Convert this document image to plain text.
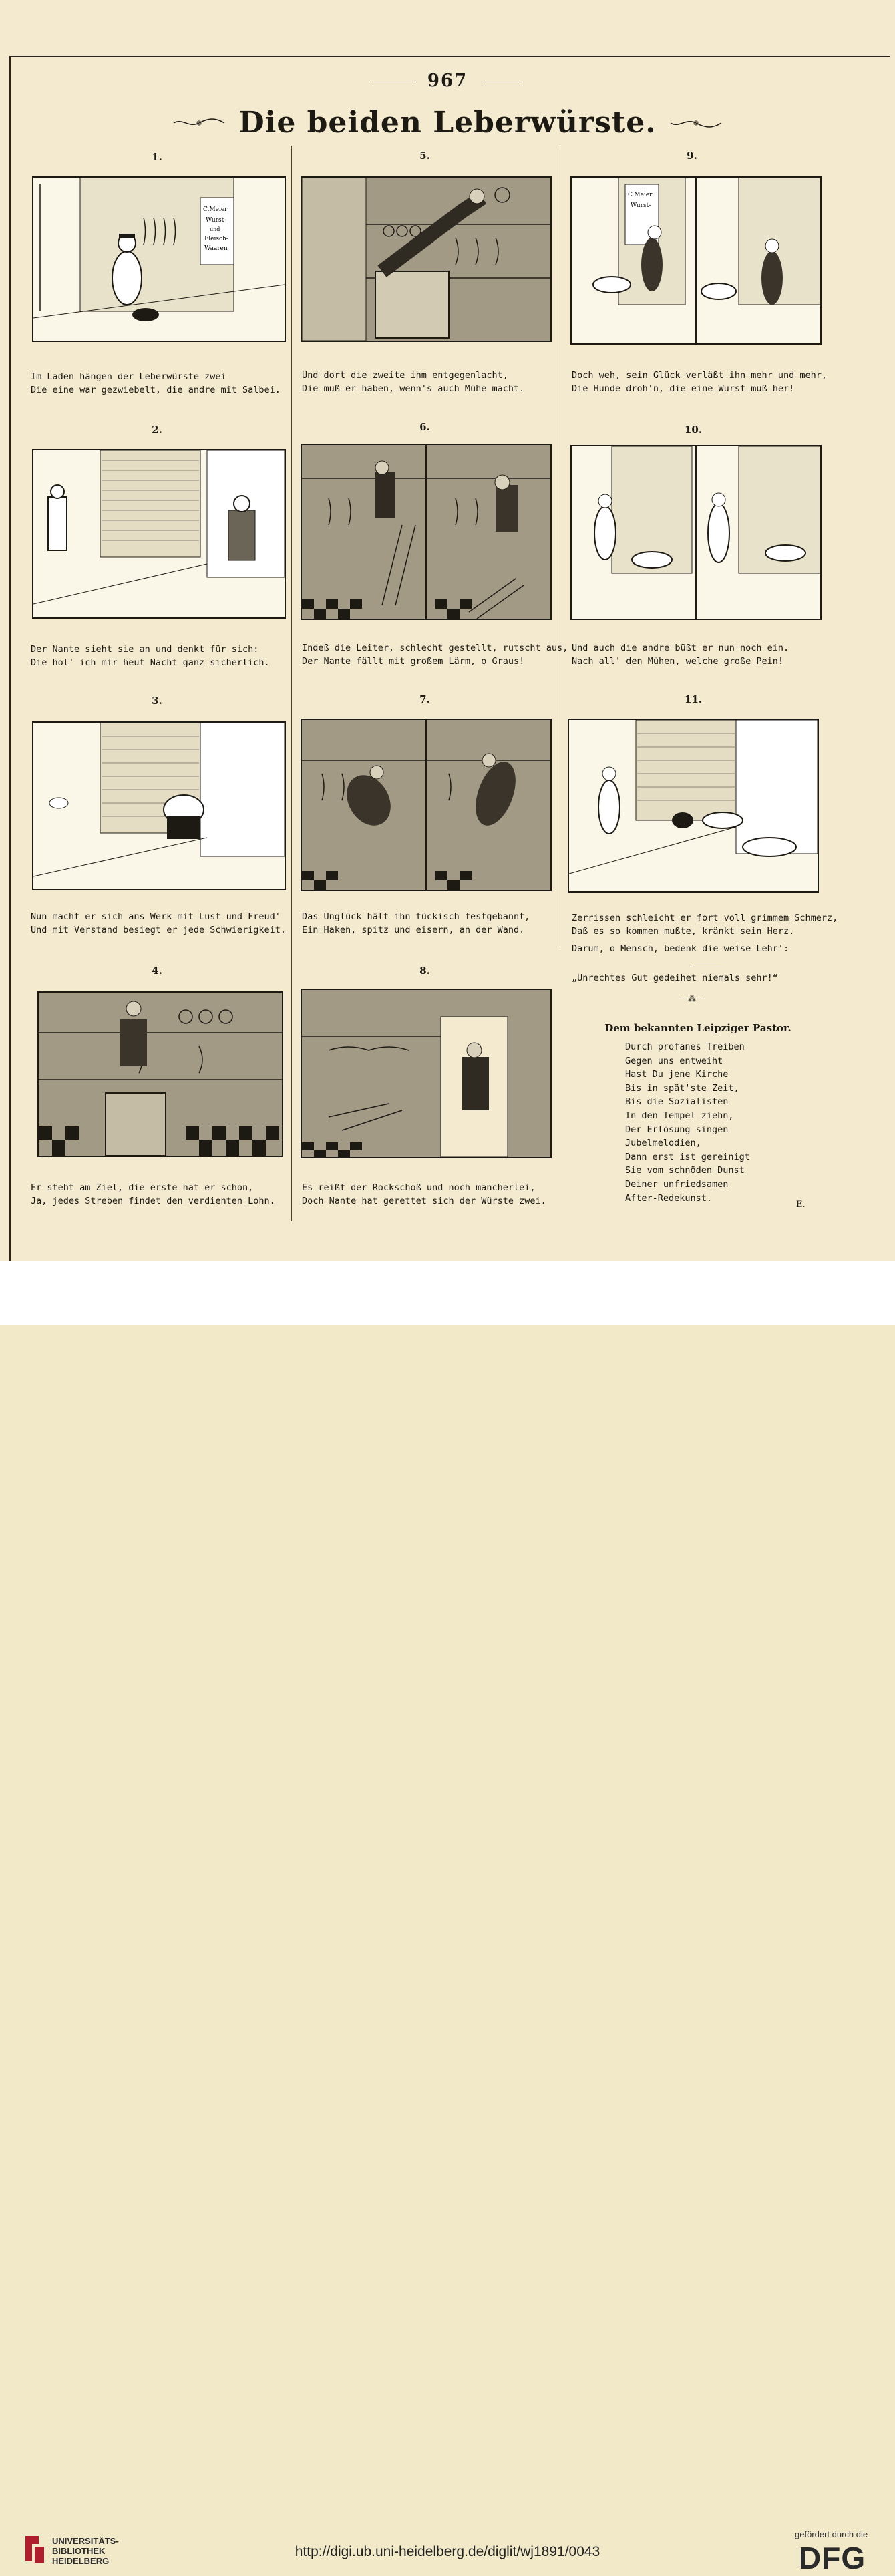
967
Die beiden Leberwürste.
1.
C.Meier
Wurst-
und
Fleisch-
Waaren
Im Laden hängen der Leberwürste zwei
Die eine war gezwiebelt, die andre mit Salbei.
2.
Der Nante sieht sie an und denkt für sich:
Die hol' ich mir heut Nacht ganz sicherlich.
3.
Nun macht er sich ans Werk mit Lust und Freud'
Und mit Verstand besiegt er jede Schwierigkeit.
4.
Er steht am Ziel, die erste hat er schon,
Ja, jedes Streben findet den verdienten Lohn.
5.
Und dort die zweite ihm entgegenlacht,
Die muß er haben, wenn's auch Mühe macht.
6.
Indeß die Leiter, schlecht gestellt, rutscht aus,
Der Nante fällt mit großem Lärm, o Graus!
7.
Das Unglück hält ihn tückisch festgebannt,
Ein Haken, spitz und eisern, an der Wand.
8.
Es reißt der Rockschoß und noch mancherlei,
Doch Nante hat gerettet sich der Würste zwei.
9.
C.Meier
Wurst-
Doch weh, sein Glück verläßt ihn mehr und mehr,
Die Hunde droh'n, die eine Wurst muß her!
10.
Und auch die andre büßt er nun noch ein.
Nach all' den Mühen, welche große Pein!
11.
Zerrissen schleicht er fort voll grimmem Schmerz,
Daß es so kommen mußte, kränkt sein Herz.
Darum, o Mensch, bedenk die weise Lehr':
„Unrechtes Gut gedeihet niemals sehr!“
—⁂—
Dem bekannten Leipziger Pastor.
Durch profanes Treiben
Gegen uns entweiht
Hast Du jene Kirche
Bis in spät'ste Zeit,
Bis die Sozialisten
In den Tempel ziehn,
Der Erlösung singen
Jubelmelodien,
Dann erst ist gereinigt
Sie vom schnöden Dunst
Deiner unfriedsamen
After-Redekunst.
E.
UNIVERSITÄTS-
BIBLIOTHEK
HEIDELBERG
http://digi.ub.uni-heidelberg.de/diglit/wj1891/0043
gefördert durch die
DFG
